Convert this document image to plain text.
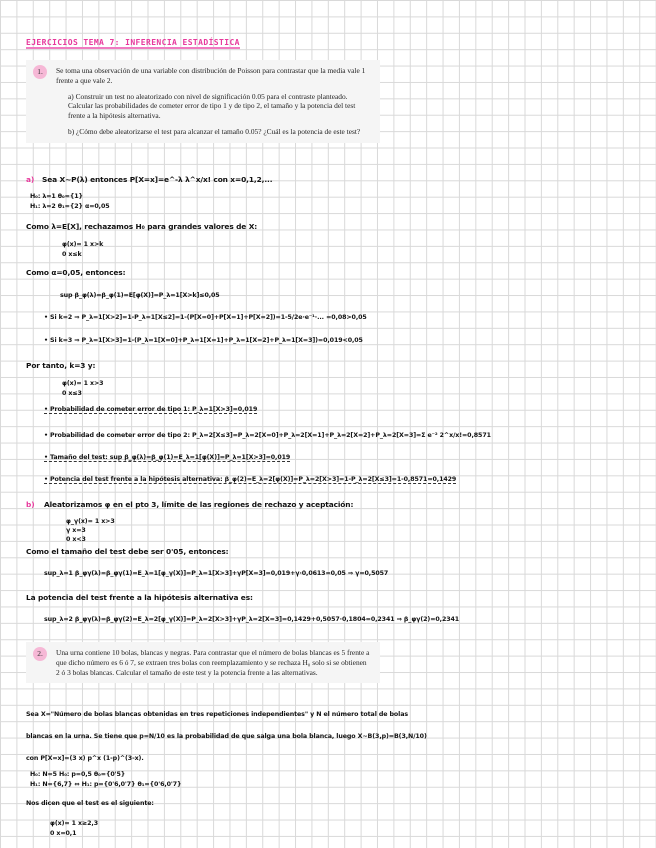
EJERCICIOS TEMA 7: INFERENCIA ESTADÍSTICA
1.	Se toma una observación de una variable con distribución de Poisson para contrastar que la media vale 1 frente a que vale 2.
a) Construir un test no aleatorizado con nivel de significación 0.05 para el contraste planteado. Calcular las probabilidades de cometer error de tipo 1 y de tipo 2, el tamaño y la potencia del test frente a la hipótesis alternativa.
b) ¿Cómo debe aleatorizarse el test para alcanzar el tamaño 0.05? ¿Cuál es la potencia de este test?
a) Sea X~P(λ) entonces P[X=x]=e^-λ λ^x/x! con x=0,1,2,...
H₀: λ=1 θ₀={1}
H₁: λ=2 θ₁={2} α=0,05
Como λ=E[X], rechazamos H₀ para grandes valores de X:
φ(x)= 1 x>k
0 x≤k
Como α=0,05, entonces:
sup β_φ(λ)=β_φ(1)=E[φ(X)]=P_λ=1[X>k]≤0,05
• Si k=2 ⇒ P_λ=1[X>2]=1-P_λ=1[X≤2]=1-(P[X=0]+P[X=1]+P[X=2])=1-5/2e·e⁻¹·... =0,08>0,05
• Si k=3 ⇒ P_λ=1[X>3]=1-(P_λ=1[X=0]+P_λ=1[X=1]+P_λ=1[X=2]+P_λ=1[X=3])=0,019<0,05
Por tanto, k=3 y:
φ(x)= 1 x>3
0 x≤3
• Probabilidad de cometer error de tipo 1: P_λ=1[X>3]=0,019
• Probabilidad de cometer error de tipo 2: P_λ=2[X≤3]=P_λ=2[X=0]+P_λ=2[X=1]+P_λ=2[X=2]+P_λ=2[X=3]=Σ e⁻² 2^x/x!=0,8571
• Tamaño del test: sup β_φ(λ)=β_φ(1)=E_λ=1[φ(X)]=P_λ=1[X>3]=0,019
• Potencia del test frente a la hipótesis alternativa: β_φ(2)=E_λ=2[φ(X)]=P_λ=2[X>3]=1-P_λ=2[X≤3]=1-0,8571=0,1429
b) Aleatorizamos φ en el pto 3, límite de las regiones de rechazo y aceptación:
φ_γ(x)= 1 x>3
γ x=3
0 x<3
Como el tamaño del test debe ser 0'05, entonces:
sup_λ=1 β_φγ(λ)=β_φγ(1)=E_λ=1[φ_γ(X)]=P_λ=1[X>3]+γP[X=3]=0,019+γ·0,0613=0,05 ⇒ γ=0,5057
La potencia del test frente a la hipótesis alternativa es:
sup_λ=2 β_φγ(λ)=β_φγ(2)=E_λ=2[φ_γ(X)]=P_λ=2[X>3]+γP_λ=2[X=3]=0,1429+0,5057·0,1804=0,2341 ⇒ β_φγ(2)=0,2341
2.	Una urna contiene 10 bolas, blancas y negras. Para contrastar que el número de bolas blancas es 5 frente a que dicho número es 6 ó 7, se extraen tres bolas con reemplazamiento y se rechaza H₀ solo si se obtienen 2 ó 3 bolas blancas. Calcular el tamaño de este test y la potencia frente a las alternativas.
Sea X="Número de bolas blancas obtenidas en tres repeticiones independientes" y N el número total de bolas
blancas en la urna. Se tiene que p=N/10 es la probabilidad de que salga una bola blanca, luego X~B(3,p)=B(3,N/10)
con P[X=x]=(3 x) p^x (1-p)^(3-x).
H₀: N=5 H₀: p=0,5 θ₀={0'5}
H₁: N={6,7} ⇔ H₁: p={0'6,0'7} θ₁={0'6,0'7}
Nos dicen que el test es el siguiente:
φ(x)= 1 x≥2,3
0 x=0,1
